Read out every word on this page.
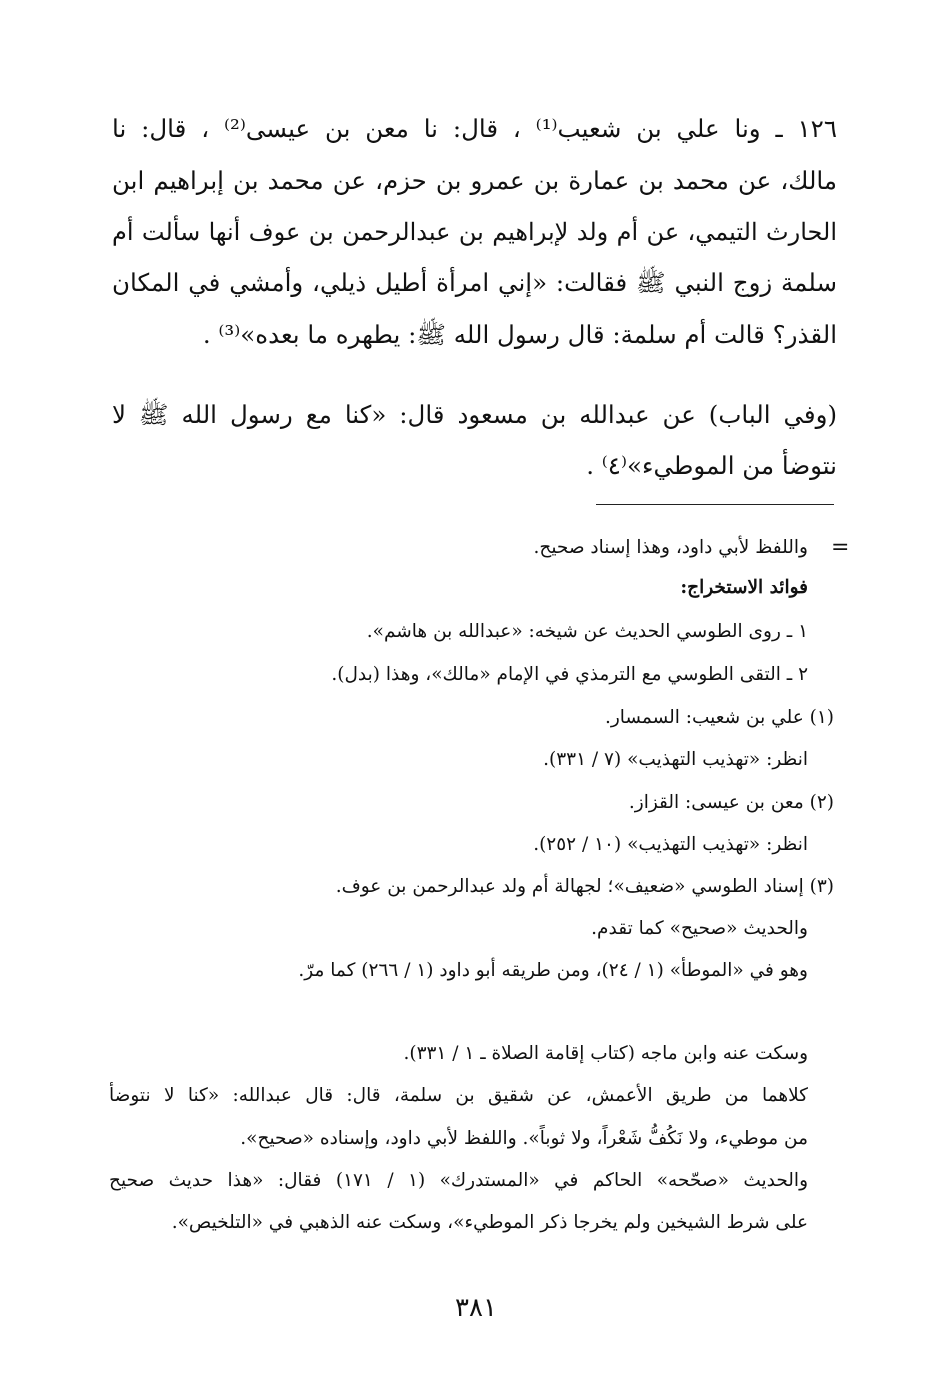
١٢٦ ـ ونا علي بن شعيب⁽¹⁾ ، قال: نا معن بن عيسى⁽²⁾ ، قال: نا
مالك، عن محمد بن عمارة بن عمرو بن حزم، عن محمد بن إبراهيم ابن
الحارث التيمي، عن أم ولد لإبراهيم بن عبدالرحمن بن عوف أنها سألت أم
سلمة زوج النبي ﷺ فقالت: «إني امرأة أطيل ذيلي، وأمشي في المكان
القذر؟ قالت أم سلمة: قال رسول الله ﷺ: يطهره ما بعده»⁽³⁾ .
(وفي الباب) عن عبدالله بن مسعود قال: «كنا مع رسول الله ﷺ لا
نتوضأ من الموطيء»⁽٤⁾ .
=
واللفظ لأبي داود، وهذا إسناد صحيح.
فوائد الاستخراج:
١ ـ روى الطوسي الحديث عن شيخه: «عبدالله بن هاشم».
٢ ـ التقى الطوسي مع الترمذي في الإمام «مالك»، وهذا (بدل).
(١) علي بن شعيب: السمسار.
انظر: «تهذيب التهذيب» (٧ / ٣٣١).
(٢) معن بن عيسى: القزاز.
انظر: «تهذيب التهذيب» (١٠ / ٢٥٢).
(٣) إسناد الطوسي «ضعيف»؛ لجهالة أم ولد عبدالرحمن بن عوف.
والحديث «صحيح» كما تقدم.
وهو في «الموطأ» (١ / ٢٤)، ومن طريقه أبو داود (١ / ٢٦٦) كما مرّ.
وسكت عنه وابن ماجه (كتاب إقامة الصلاة ـ ١ / ٣٣١).
كلاهما من طريق الأعمش، عن شقيق بن سلمة، قال: قال عبدالله: «كنا لا نتوضأ
من موطيء، ولا نَكُفُّ شَعْراً، ولا ثوباً». واللفظ لأبي داود، وإسناده «صحيح».
والحديث «صحّحه» الحاكم في «المستدرك» (١ / ١٧١) فقال: «هذا حديث صحيح
على شرط الشيخين ولم يخرجا ذكر الموطيء»، وسكت عنه الذهبي في «التلخيص».
٣٨١
